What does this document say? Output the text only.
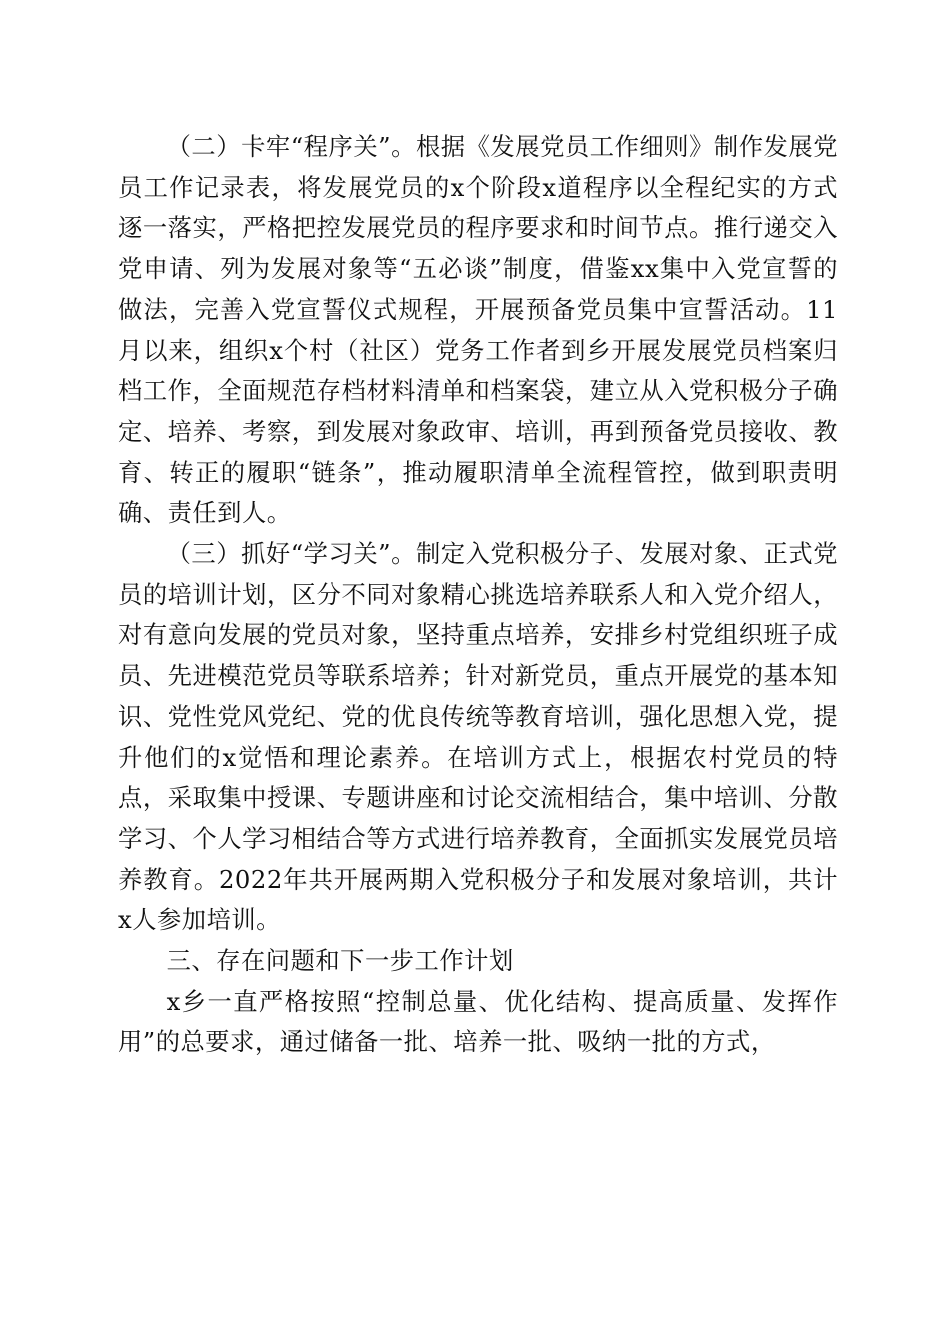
（二）卡牢“程序关”。根据《发展党员工作细则》制作发展党员工作记录表，将发展党员的x个阶段x道程序以全程纪实的方式逐一落实，严格把控发展党员的程序要求和时间节点。推行递交入党申请、列为发展对象等“五必谈”制度，借鉴xx集中入党宣誓的做法，完善入党宣誓仪式规程，开展预备党员集中宣誓活动。11月以来，组织x个村（社区）党务工作者到乡开展发展党员档案归档工作，全面规范存档材料清单和档案袋，建立从入党积极分子确定、培养、考察，到发展对象政审、培训，再到预备党员接收、教育、转正的履职“链条”，推动履职清单全流程管控，做到职责明确、责任到人。

（三）抓好“学习关”。制定入党积极分子、发展对象、正式党员的培训计划，区分不同对象精心挑选培养联系人和入党介绍人，对有意向发展的党员对象，坚持重点培养，安排乡村党组织班子成员、先进模范党员等联系培养；针对新党员，重点开展党的基本知识、党性党风党纪、党的优良传统等教育培训，强化思想入党，提升他们的x觉悟和理论素养。在培训方式上，根据农村党员的特点，采取集中授课、专题讲座和讨论交流相结合，集中培训、分散学习、个人学习相结合等方式进行培养教育，全面抓实发展党员培养教育。2022年共开展两期入党积极分子和发展对象培训，共计x人参加培训。

三、存在问题和下一步工作计划

x乡一直严格按照“控制总量、优化结构、提高质量、发挥作用”的总要求，通过储备一批、培养一批、吸纳一批的方式，
